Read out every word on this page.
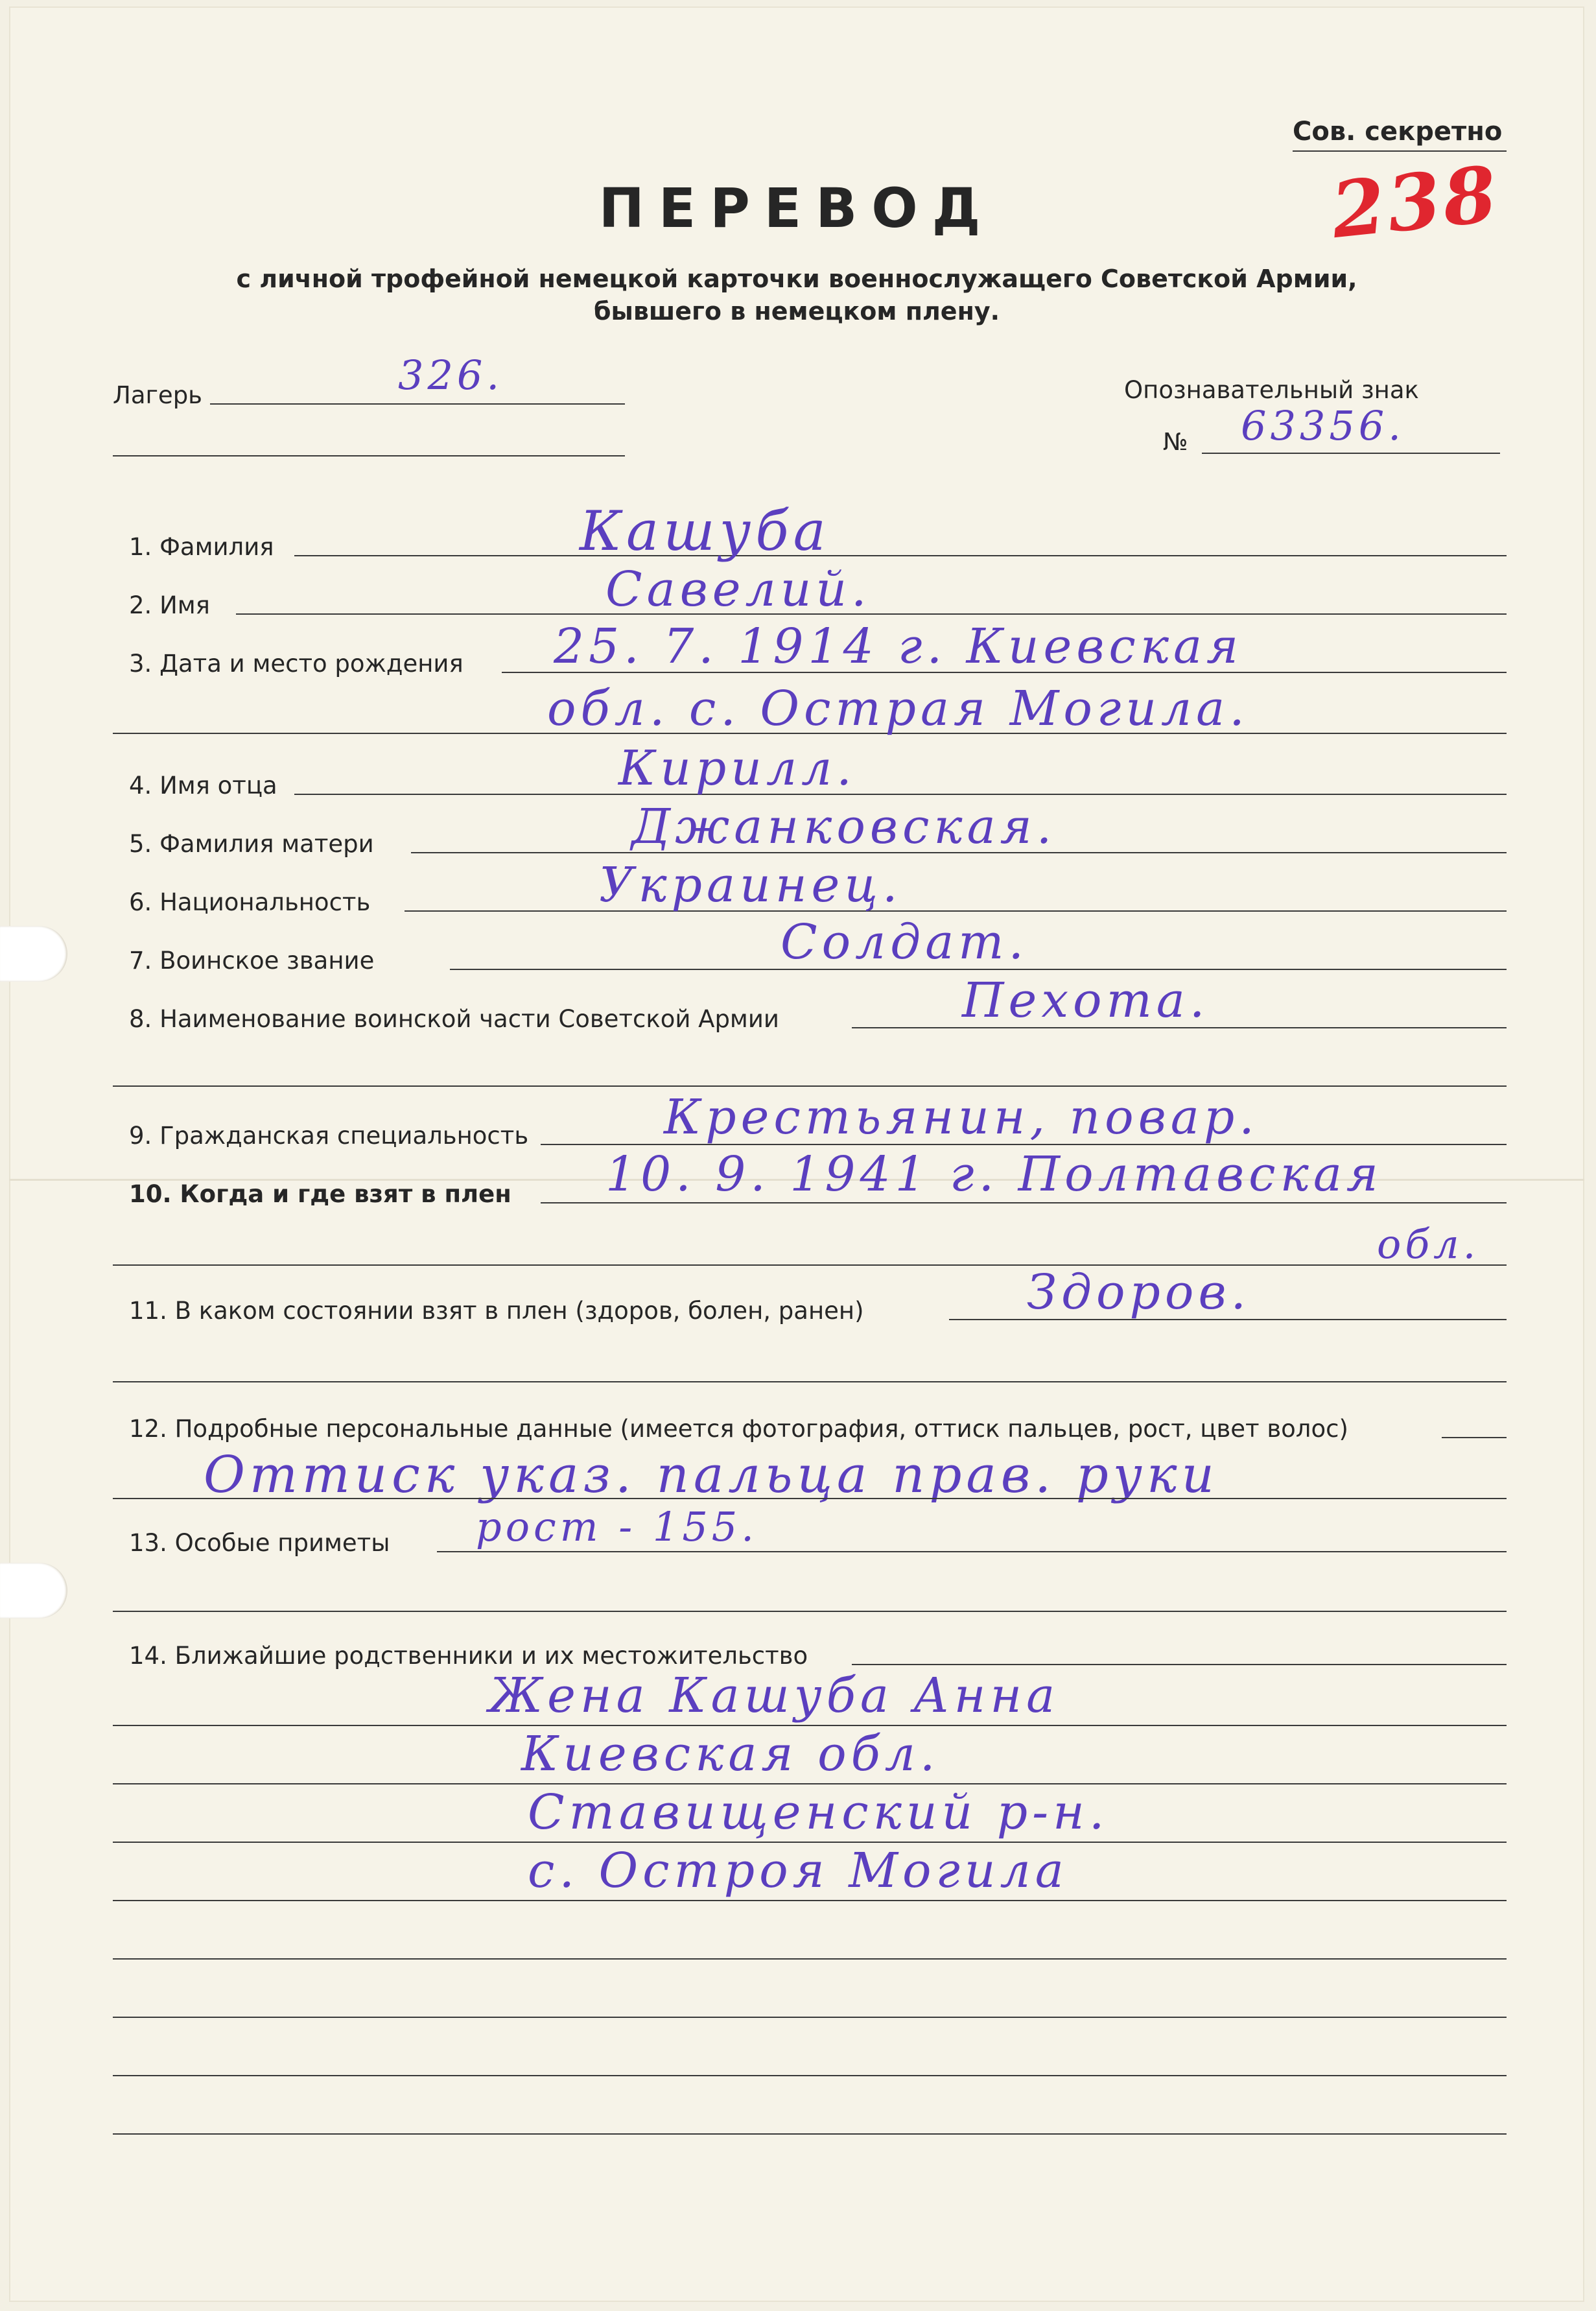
Сов. секретно
238
ПЕРЕВОД
с личной трофейной немецкой карточки военнослужащего Советской Армии,
бывшего в немецком плену.
Лагерь	326.	Опознавательный знак
№ 63356.
1. Фамилия	Кашуба
2. Имя	Савелий.
3. Дата и место рождения 25. 7. 1914 г. Киевская
обл. с. Острая Могила.
4. Имя отца	Кирилл.
5. Фамилия матери	Джанковская.
6. Национальность	Украинец.
7. Воинское звание	Солдат.
8. Наименование воинской части Советской Армии	Пехота.
9. Гражданская специальность	Крестьянин, повар.
10. Когда и где взят в плен 10. 9. 1941 г. Полтавская
обл.
11. В каком состоянии взят в плен (здоров, болен, ранен)	Здоров.
12. Подробные персональные данные (имеется фотография, оттиск пальцев, рост, цвет волос)
Оттиск указ. пальца прав. руки
13. Особые приметы рост - 155.
14. Ближайшие родственники и их местожительство
Жена Кашуба Анна
Киевская обл.
Ставищенский р-н.
с. Остроя Могила
